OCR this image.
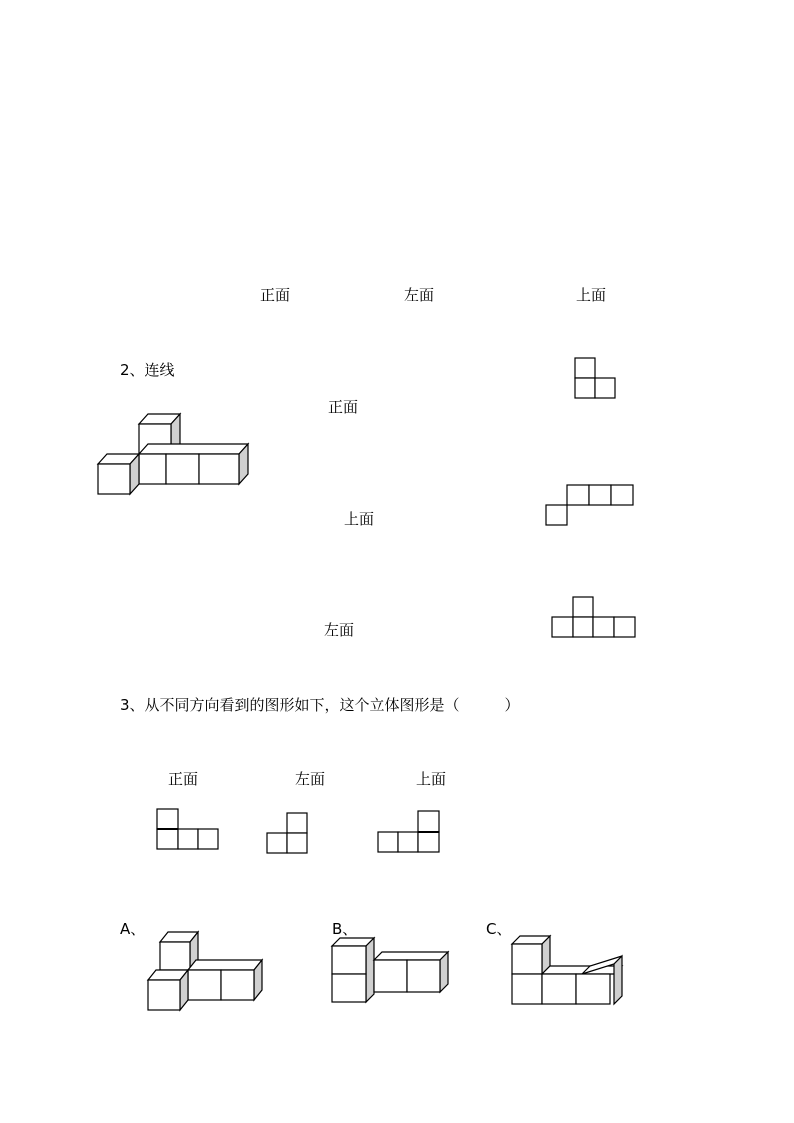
正面	左面	上面
2、连线
正面
上面
左面
3、从不同方向看到的图形如下，这个立体图形是（　　　）
正面	左面	上面
A、	B、	C、
